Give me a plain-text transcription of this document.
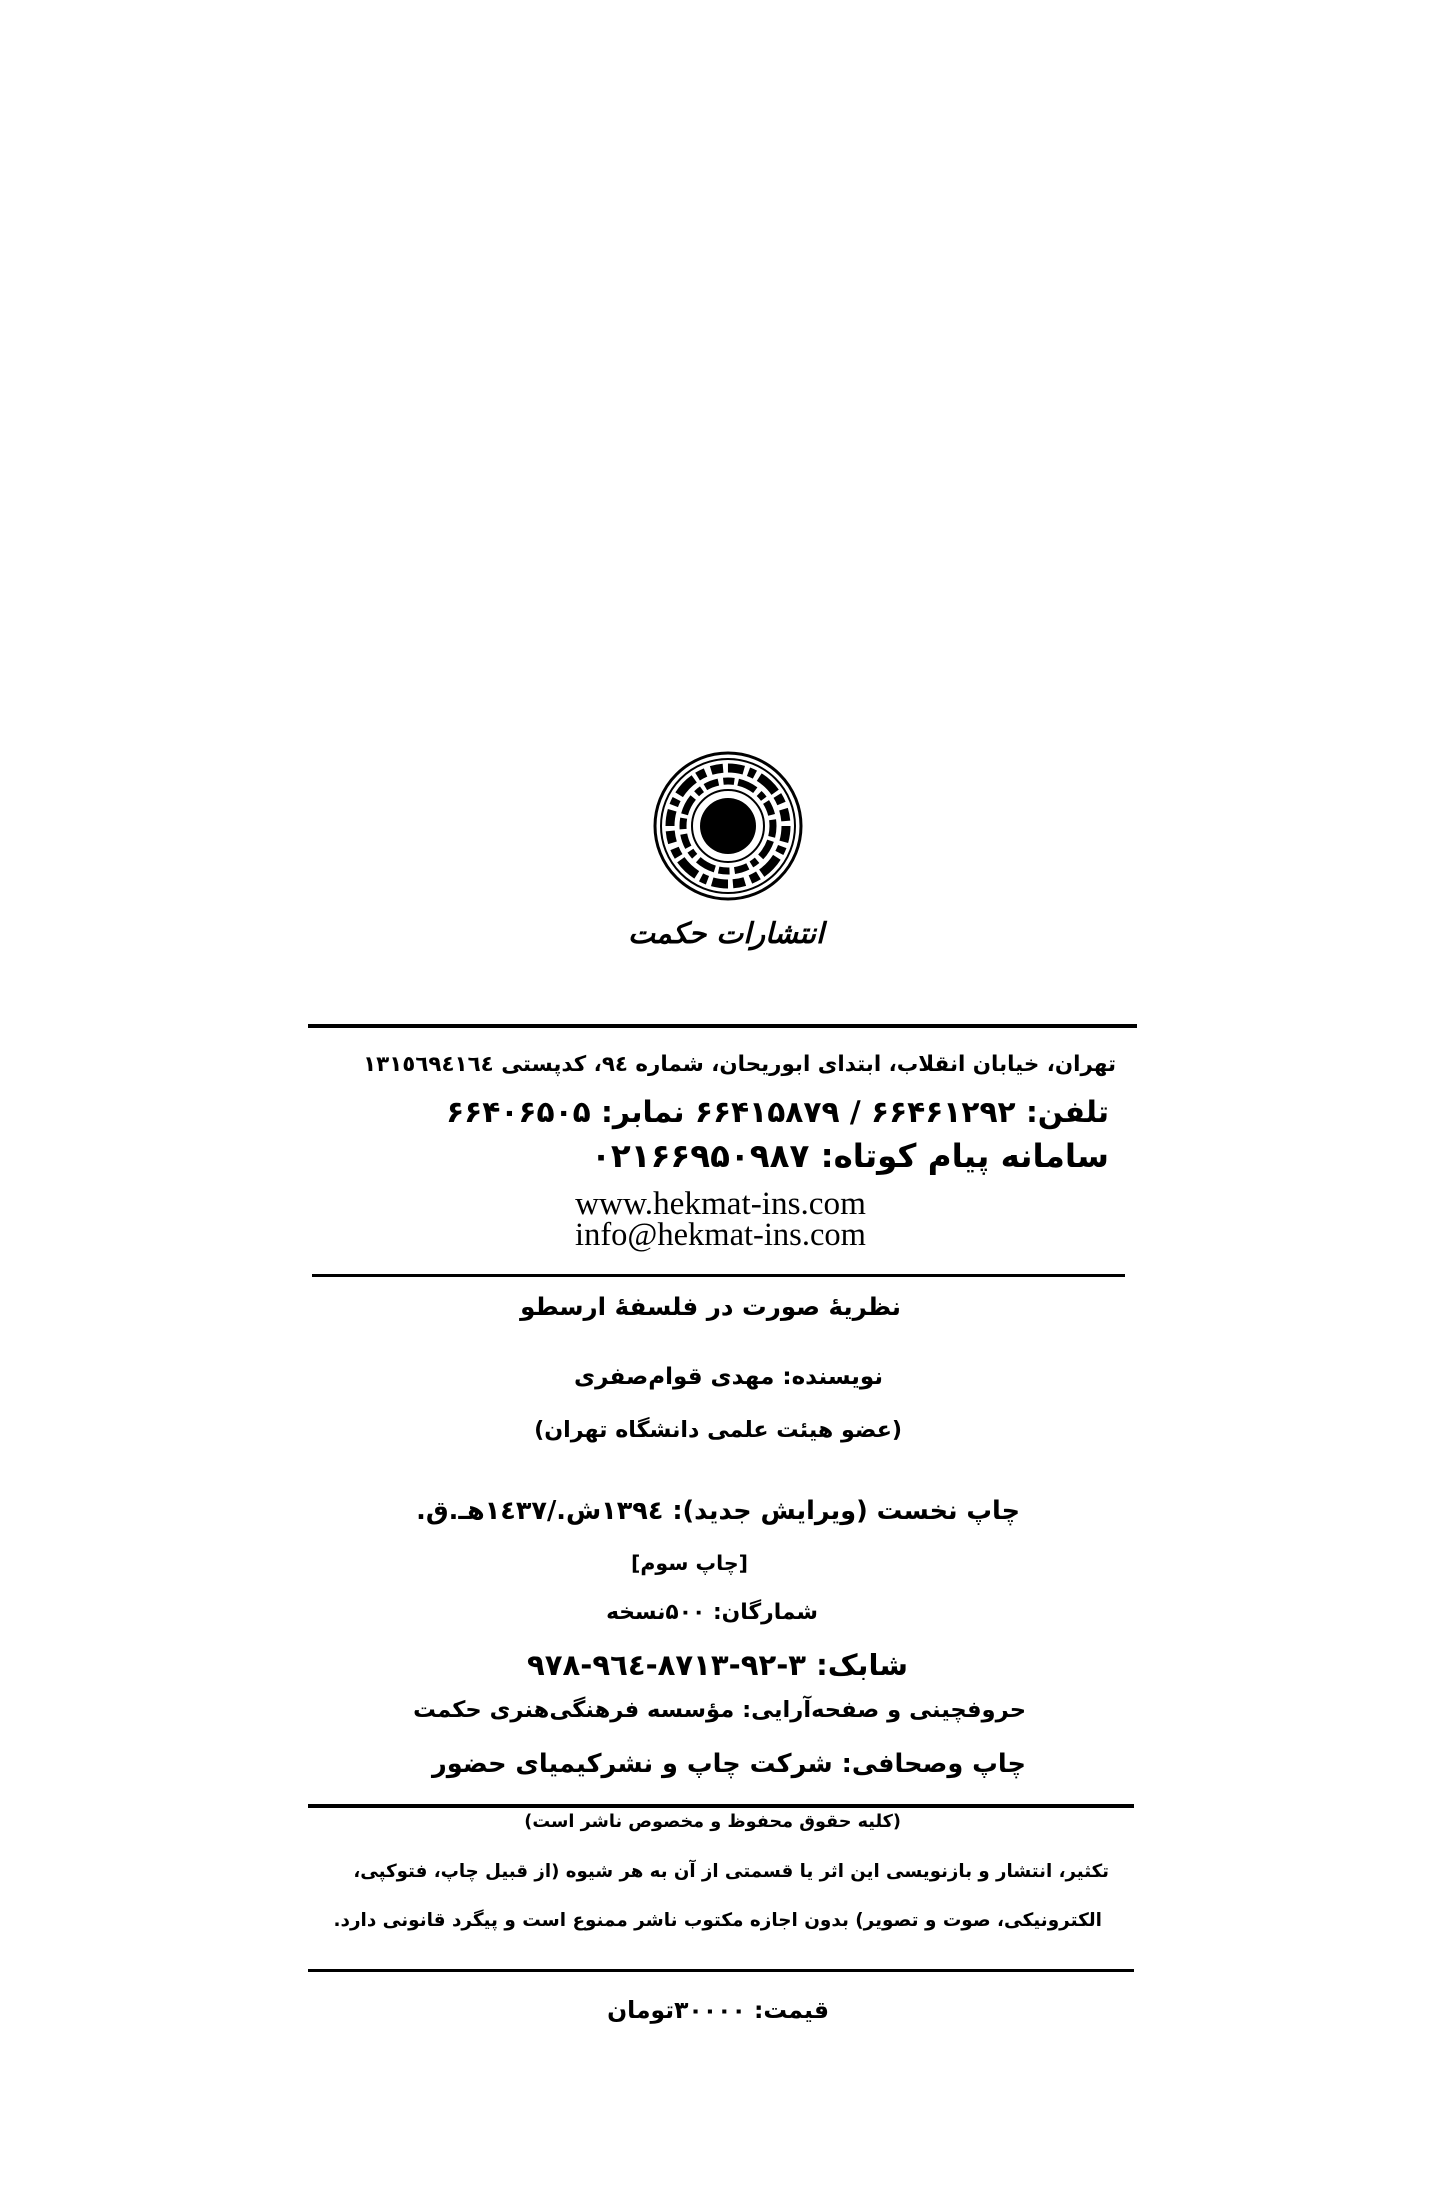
انتشارات حکمت
تهران، خیابان انقلاب، ابتدای ابوریحان، شماره ٩٤، کدپستی ١٣١٥٦٩٤١٦٤
تلفن: ۶۶۴۶۱۲۹۲ / ۶۶۴۱۵۸۷۹ نمابر: ۶۶۴۰۶۵۰۵
سامانه پیام کوتاه: ۰۲۱۶۶۹۵۰۹۸۷
www.hekmat-ins.com
info@hekmat-ins.com
نظریهٔ صورت در فلسفهٔ ارسطو
نویسنده: مهدی قوام‌صفری
(عضو هیئت علمی دانشگاه تهران)
چاپ نخست (ویرایش جدید): ١٣٩٤ش./١٤٣٧هـ.ق.
[چاپ سوم]
شمارگان: ۵۰۰نسخه
شابک: ٩٧٨-٩٦٤-٨٧١٣-٩٢-٣
حروفچینی و صفحه‌آرایی: مؤسسه فرهنگی‌هنری حکمت
چاپ وصحافی: شرکت چاپ و نشرکیمیای حضور
(کلیه حقوق محفوظ و مخصوص ناشر است)
تکثیر، انتشار و بازنویسی این اثر یا قسمتی از آن به هر شیوه (از قبیل چاپ، فتوکپی،
الکترونیکی، صوت و تصویر) بدون اجازه مکتوب ناشر ممنوع است و پیگرد قانونی دارد.
قیمت: ۳۰۰۰۰تومان
